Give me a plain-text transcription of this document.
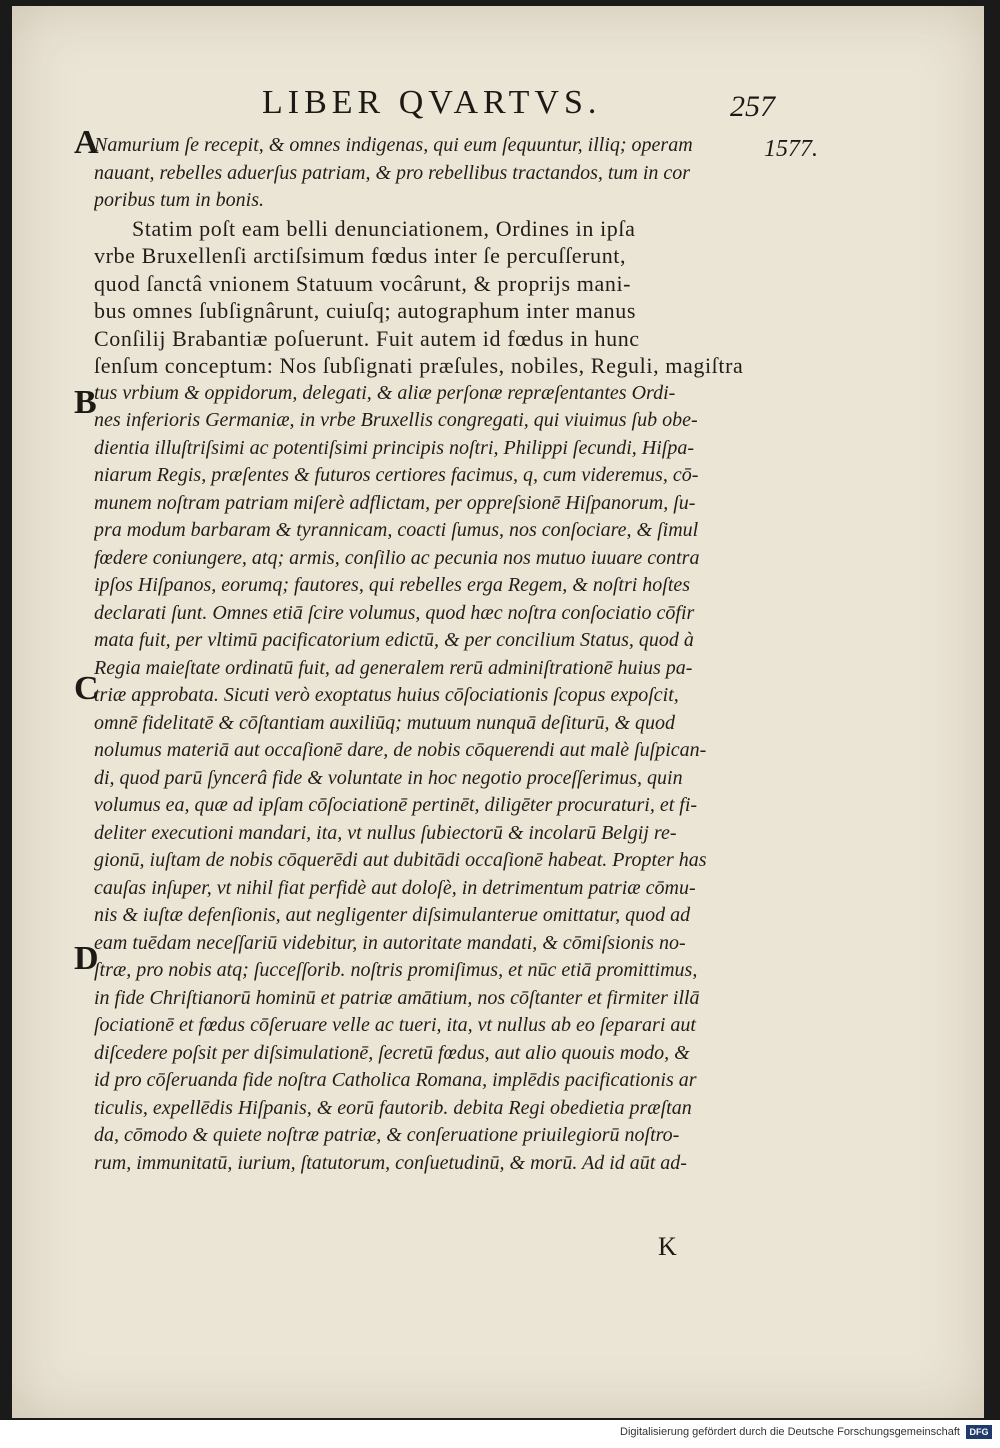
LIBER QVARTVS.	257
1577.
A
B
C
D
Namurium ſe recepit, & omnes indigenas, qui eum ſequuntur, illiq; operam
nauant, rebelles aduerſus patriam, & pro rebellibus tractandos, tum in cor
poribus tum in bonis.
Statim poſt eam belli denunciationem, Ordines in ipſa
vrbe Bruxellenſi arctiſsimum fœdus inter ſe percuſſerunt,
quod ſanctâ vnionem Statuum vocârunt, & proprijs mani-
bus omnes ſubſignârunt, cuiuſq; autographum inter manus
Conſilij Brabantiæ poſuerunt. Fuit autem id fœdus in hunc
ſenſum conceptum: Nos ſubſignati præſules, nobiles, Reguli, magiſtra
tus vrbium & oppidorum, delegati, & aliæ perſonæ repræſentantes Ordi-
nes inferioris Germaniæ, in vrbe Bruxellis congregati, qui viuimus ſub obe-
dientia illuſtriſsimi ac potentiſsimi principis noſtri, Philippi ſecundi, Hiſpa-
niarum Regis, præſentes & futuros certiores facimus, q, cum videremus, cō-
munem noſtram patriam miſerè adflictam, per oppreſsionē Hiſpanorum, ſu-
pra modum barbaram & tyrannicam, coacti ſumus, nos conſociare, & ſimul
fœdere coniungere, atq; armis, conſilio ac pecunia nos mutuo iuuare contra
ipſos Hiſpanos, eorumq; fautores, qui rebelles erga Regem, & noſtri hoſtes
declarati ſunt. Omnes etiā ſcire volumus, quod hæc noſtra conſociatio cōfir
mata fuit, per vltimū pacificatorium edictū, & per concilium Status, quod à
Regia maieſtate ordinatū fuit, ad generalem rerū adminiſtrationē huius pa-
triæ approbata. Sicuti verò exoptatus huius cōſociationis ſcopus expoſcit,
omnē fidelitatē & cōſtantiam auxiliūq; mutuum nunquā deſiturū, & quod
nolumus materiā aut occaſionē dare, de nobis cōquerendi aut malè ſuſpican-
di, quod parū ſyncerâ fide & voluntate in hoc negotio proceſſerimus, quin
volumus ea, quæ ad ipſam cōſociationē pertinēt, diligēter procuraturi, et fi-
deliter executioni mandari, ita, vt nullus ſubiectorū & incolarū Belgij re-
gionū, iuſtam de nobis cōquerēdi aut dubitādi occaſionē habeat. Propter has
cauſas inſuper, vt nihil fiat perfidè aut doloſè, in detrimentum patriæ cōmu-
nis & iuſtæ defenſionis, aut negligenter diſsimulanterue omittatur, quod ad
eam tuēdam neceſſariū videbitur, in autoritate mandati, & cōmiſsionis no-
ſtræ, pro nobis atq; ſucceſſorib. noſtris promiſimus, et nūc etiā promittimus,
in fide Chriſtianorū hominū et patriæ amātium, nos cōſtanter et firmiter illā
ſociationē et fœdus cōſeruare velle ac tueri, ita, vt nullus ab eo ſeparari aut
diſcedere poſsit per diſsimulationē, ſecretū fœdus, aut alio quouis modo, &
id pro cōſeruanda fide noſtra Catholica Romana, implēdis pacificationis ar
ticulis, expellēdis Hiſpanis, & eorū fautorib. debita Regi obedietia præſtan
da, cōmodo & quiete noſtræ patriæ, & conſeruatione priuilegiorū noſtro-
rum, immunitatū, iurium, ſtatutorum, conſuetudinū, & morū. Ad id aūt ad-
K
Digitalisierung gefördert durch die Deutsche Forschungsgemeinschaft	DFG
